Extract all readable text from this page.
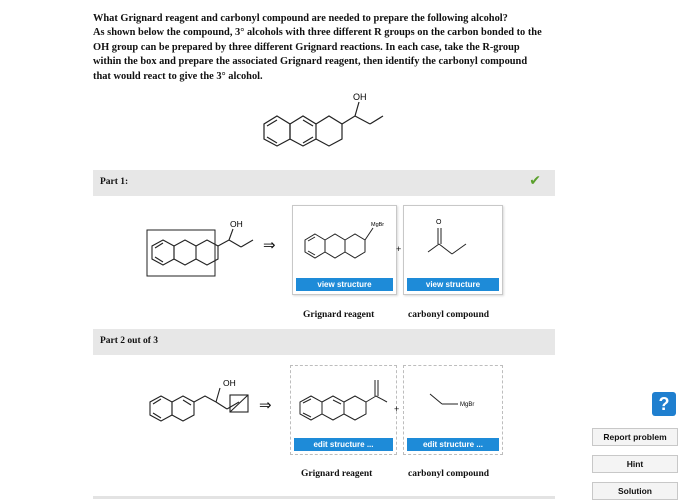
What Grignard reagent and carbonyl compound are needed to prepare the following alcohol?
As shown below the compound, 3° alcohols with three different R groups on the carbon bonded to the
OH group can be prepared by three different Grignard reactions. In each case, take the R-group
within the box and prepare the associated Grignard reagent, then identify the carbonyl compound
that would react to give the 3° alcohol.
OH
Part 1:	✔
OH
⇒
MgBr
view structure
+
O
view structure
Grignard reagent	carbonyl compound
Part 2 out of 3
OH
⇒
edit structure ...
+	MgBr
edit structure ...
Grignard reagent	carbonyl compound
?
Report problem
Hint
Solution
